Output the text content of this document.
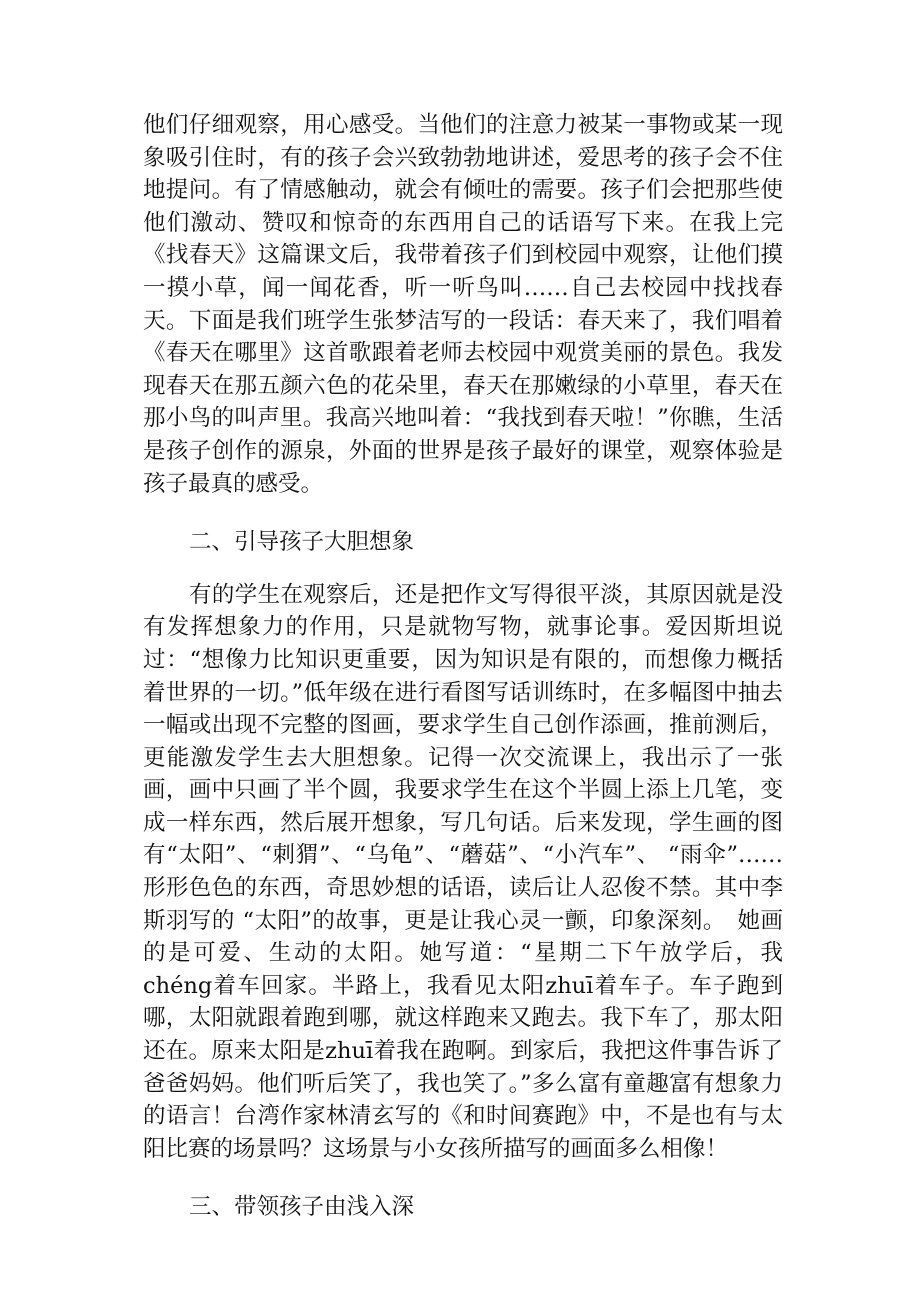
他们仔细观察，用心感受。当他们的注意力被某一事物或某一现象吸引住时，有的孩子会兴致勃勃地讲述，爱思考的孩子会不住地提问。有了情感触动，就会有倾吐的需要。孩子们会把那些使他们激动、赞叹和惊奇的东西用自己的话语写下来。在我上完《找春天》这篇课文后，我带着孩子们到校园中观察，让他们摸一摸小草，闻一闻花香，听一听鸟叫……自己去校园中找找春天。下面是我们班学生张梦洁写的一段话：春天来了，我们唱着《春天在哪里》这首歌跟着老师去校园中观赏美丽的景色。我发现春天在那五颜六色的花朵里，春天在那嫩绿的小草里，春天在那小鸟的叫声里。我高兴地叫着：“我找到春天啦！”你瞧，生活是孩子创作的源泉，外面的世界是孩子最好的课堂，观察体验是孩子最真的感受。

二、引导孩子大胆想象

有的学生在观察后，还是把作文写得很平淡，其原因就是没有发挥想象力的作用，只是就物写物，就事论事。爱因斯坦说过：“想像力比知识更重要，因为知识是有限的，而想像力概括着世界的一切。”低年级在进行看图写话训练时，在多幅图中抽去一幅或出现不完整的图画，要求学生自己创作添画，推前测后，更能激发学生去大胆想象。记得一次交流课上，我出示了一张画，画中只画了半个圆，我要求学生在这个半圆上添上几笔，变成一样东西，然后展开想象，写几句话。后来发现，学生画的图有“太阳”、“刺猬”、“乌龟”、“蘑菇”、“小汽车”、 “雨伞”……形形色色的东西，奇思妙想的话语，读后让人忍俊不禁。其中李斯羽写的 “太阳”的故事，更是让我心灵一颤，印象深刻。　她画的是可爱、生动的太阳。她写道：“星期二下午放学后，我chéng着车回家。半路上，我看见太阳zhuī着车子。车子跑到哪，太阳就跟着跑到哪，就这样跑来又跑去。我下车了，那太阳还在。原来太阳是zhuī着我在跑啊。到家后，我把这件事告诉了爸爸妈妈。他们听后笑了，我也笑了。”多么富有童趣富有想象力的语言！台湾作家林清玄写的《和时间赛跑》中，不是也有与太阳比赛的场景吗？这场景与小女孩所描写的画面多么相像！

三、带领孩子由浅入深
